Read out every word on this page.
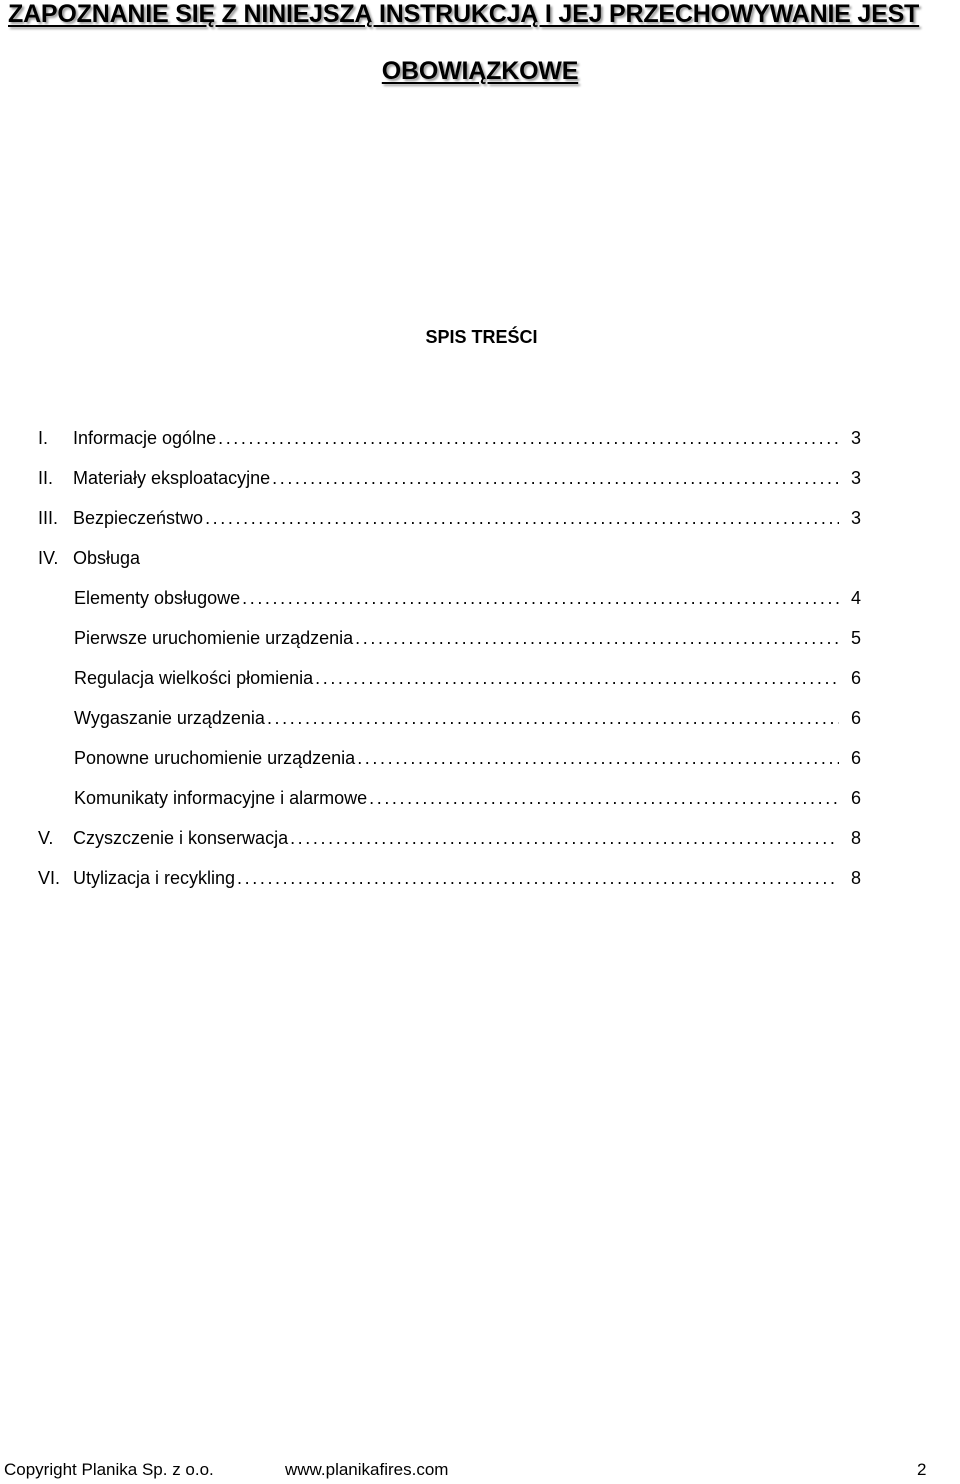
ZAPOZNANIE SIĘ Z NINIEJSZĄ INSTRUKCJĄ I JEJ PRZECHOWYWANIE JEST
OBOWIĄZKOWE
SPIS TREŚCI
I.	Informacje ogólne . . .	3
II.	Materiały eksploatacyjne . . .	3
III. Bezpieczeństwo . . .	3
IV. Obsługa
Elementy obsługowe . . .	4
Pierwsze uruchomienie urządzenia . . .	5
Regulacja wielkości płomienia . . .	6
Wygaszanie urządzenia . . .	6
Ponowne uruchomienie urządzenia . . .	6
Komunikaty informacyjne i alarmowe . . .	6
V.	Czyszczenie i konserwacja . . .	8
VI. Utylizacja i recykling . . .	8
Copyright Planika Sp. z o.o.	www.planikafires.com	2
